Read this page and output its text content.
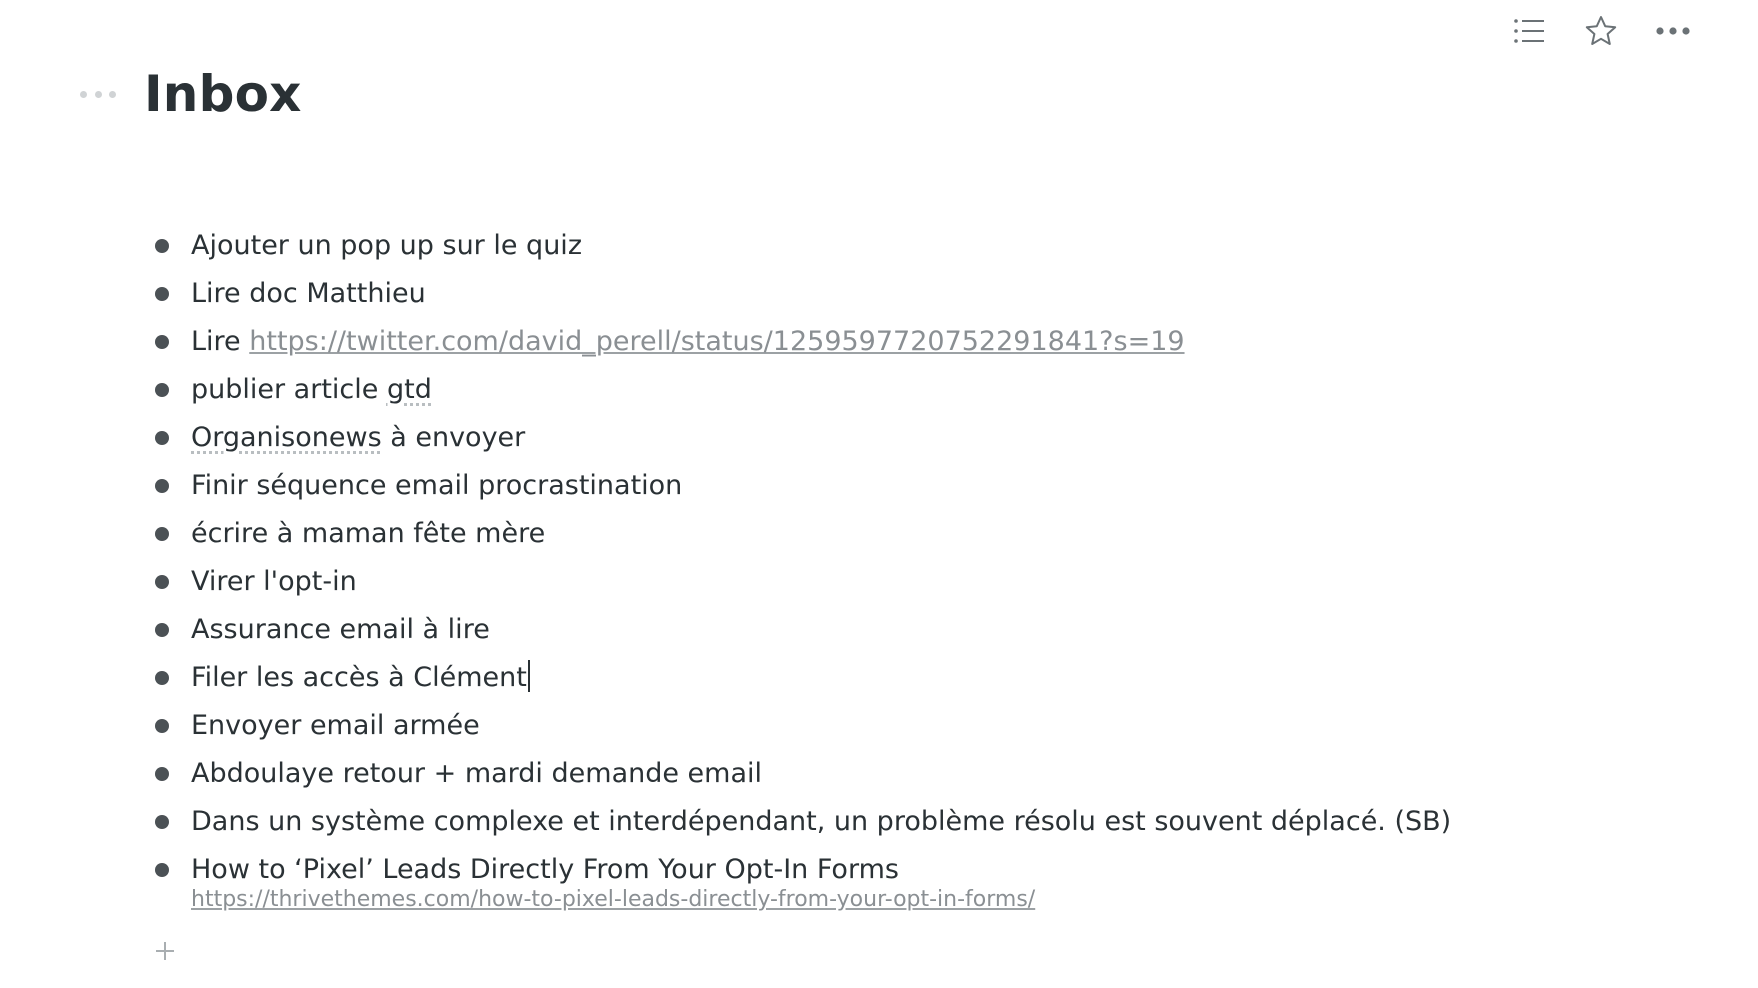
Inbox
Ajouter un pop up sur le quiz
Lire doc Matthieu
Lire https://twitter.com/david_perell/status/1259597720752291841?s=19
publier article gtd
Organisonews à envoyer
Finir séquence email procrastination
écrire à maman fête mère
Virer l'opt-in
Assurance email à lire
Filer les accès à Clément
Envoyer email armée
Abdoulaye retour + mardi demande email
Dans un système complexe et interdépendant, un problème résolu est souvent déplacé. (SB)
How to ‘Pixel’ Leads Directly From Your Opt-In Forms
https://thrivethemes.com/how-to-pixel-leads-directly-from-your-opt-in-forms/
